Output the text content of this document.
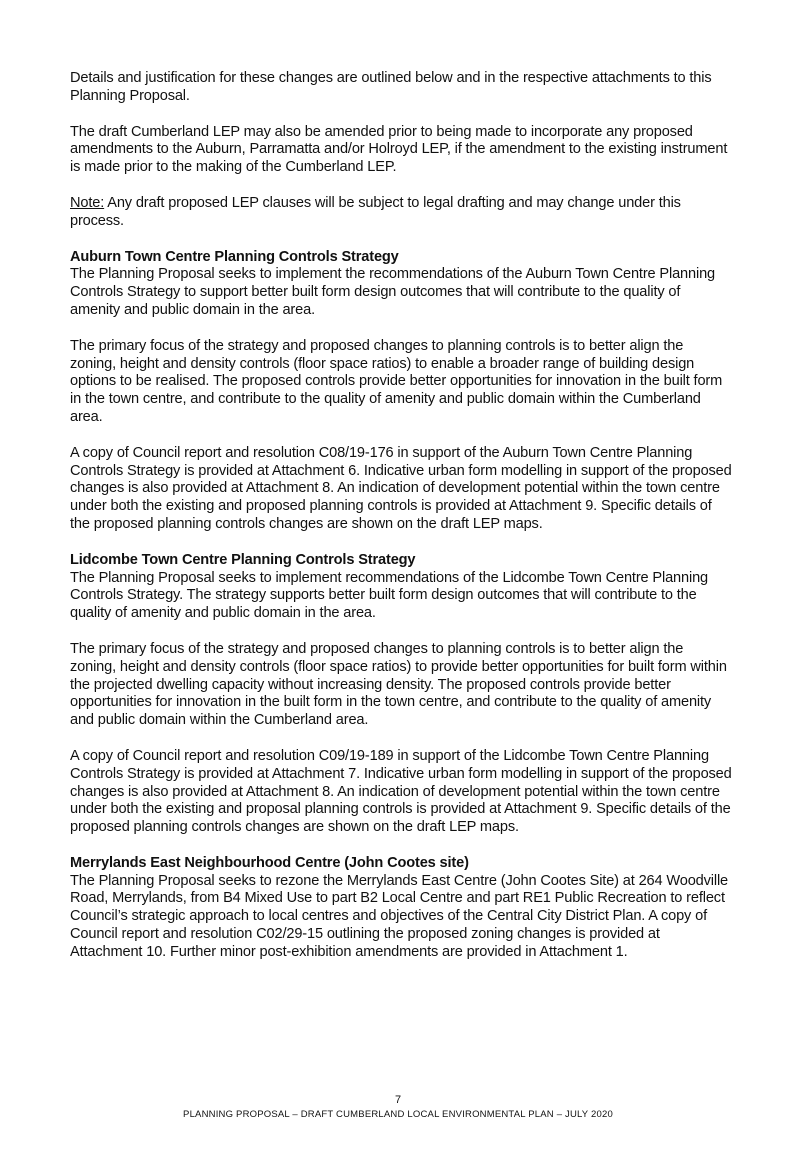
Details and justification for these changes are outlined below and in the respective attachments to this Planning Proposal.

The draft Cumberland LEP may also be amended prior to being made to incorporate any proposed amendments to the Auburn, Parramatta and/or Holroyd LEP, if the amendment to the existing instrument is made prior to the making of the Cumberland LEP.

Note: Any draft proposed LEP clauses will be subject to legal drafting and may change under this process.

Auburn Town Centre Planning Controls Strategy

The Planning Proposal seeks to implement the recommendations of the Auburn Town Centre Planning Controls Strategy to support better built form design outcomes that will contribute to the quality of amenity and public domain in the area.

The primary focus of the strategy and proposed changes to planning controls is to better align the zoning, height and density controls (floor space ratios) to enable a broader range of building design options to be realised. The proposed controls provide better opportunities for innovation in the built form in the town centre, and contribute to the quality of amenity and public domain within the Cumberland area.

A copy of Council report and resolution C08/19-176 in support of the Auburn Town Centre Planning Controls Strategy is provided at Attachment 6. Indicative urban form modelling in support of the proposed changes is also provided at Attachment 8. An indication of development potential within the town centre under both the existing and proposed planning controls is provided at Attachment 9. Specific details of the proposed planning controls changes are shown on the draft LEP maps.

Lidcombe Town Centre Planning Controls Strategy

The Planning Proposal seeks to implement recommendations of the Lidcombe Town Centre Planning Controls Strategy. The strategy supports better built form design outcomes that will contribute to the quality of amenity and public domain in the area.

The primary focus of the strategy and proposed changes to planning controls is to better align the zoning, height and density controls (floor space ratios) to provide better opportunities for built form within the projected dwelling capacity without increasing density. The proposed controls provide better opportunities for innovation in the built form in the town centre, and contribute to the quality of amenity and public domain within the Cumberland area.

A copy of Council report and resolution C09/19-189 in support of the Lidcombe Town Centre Planning Controls Strategy is provided at Attachment 7. Indicative urban form modelling in support of the proposed changes is also provided at Attachment 8. An indication of development potential within the town centre under both the existing and proposal planning controls is provided at Attachment 9. Specific details of the proposed planning controls changes are shown on the draft LEP maps.

Merrylands East Neighbourhood Centre (John Cootes site)

The Planning Proposal seeks to rezone the Merrylands East Centre (John Cootes Site) at 264 Woodville Road, Merrylands, from B4 Mixed Use to part B2 Local Centre and part RE1 Public Recreation to reflect Council’s strategic approach to local centres and objectives of the Central City District Plan. A copy of Council report and resolution C02/29-15 outlining the proposed zoning changes is provided at Attachment 10. Further minor post-exhibition amendments are provided in Attachment 1.

7
PLANNING PROPOSAL – DRAFT CUMBERLAND LOCAL ENVIRONMENTAL PLAN – JULY 2020
